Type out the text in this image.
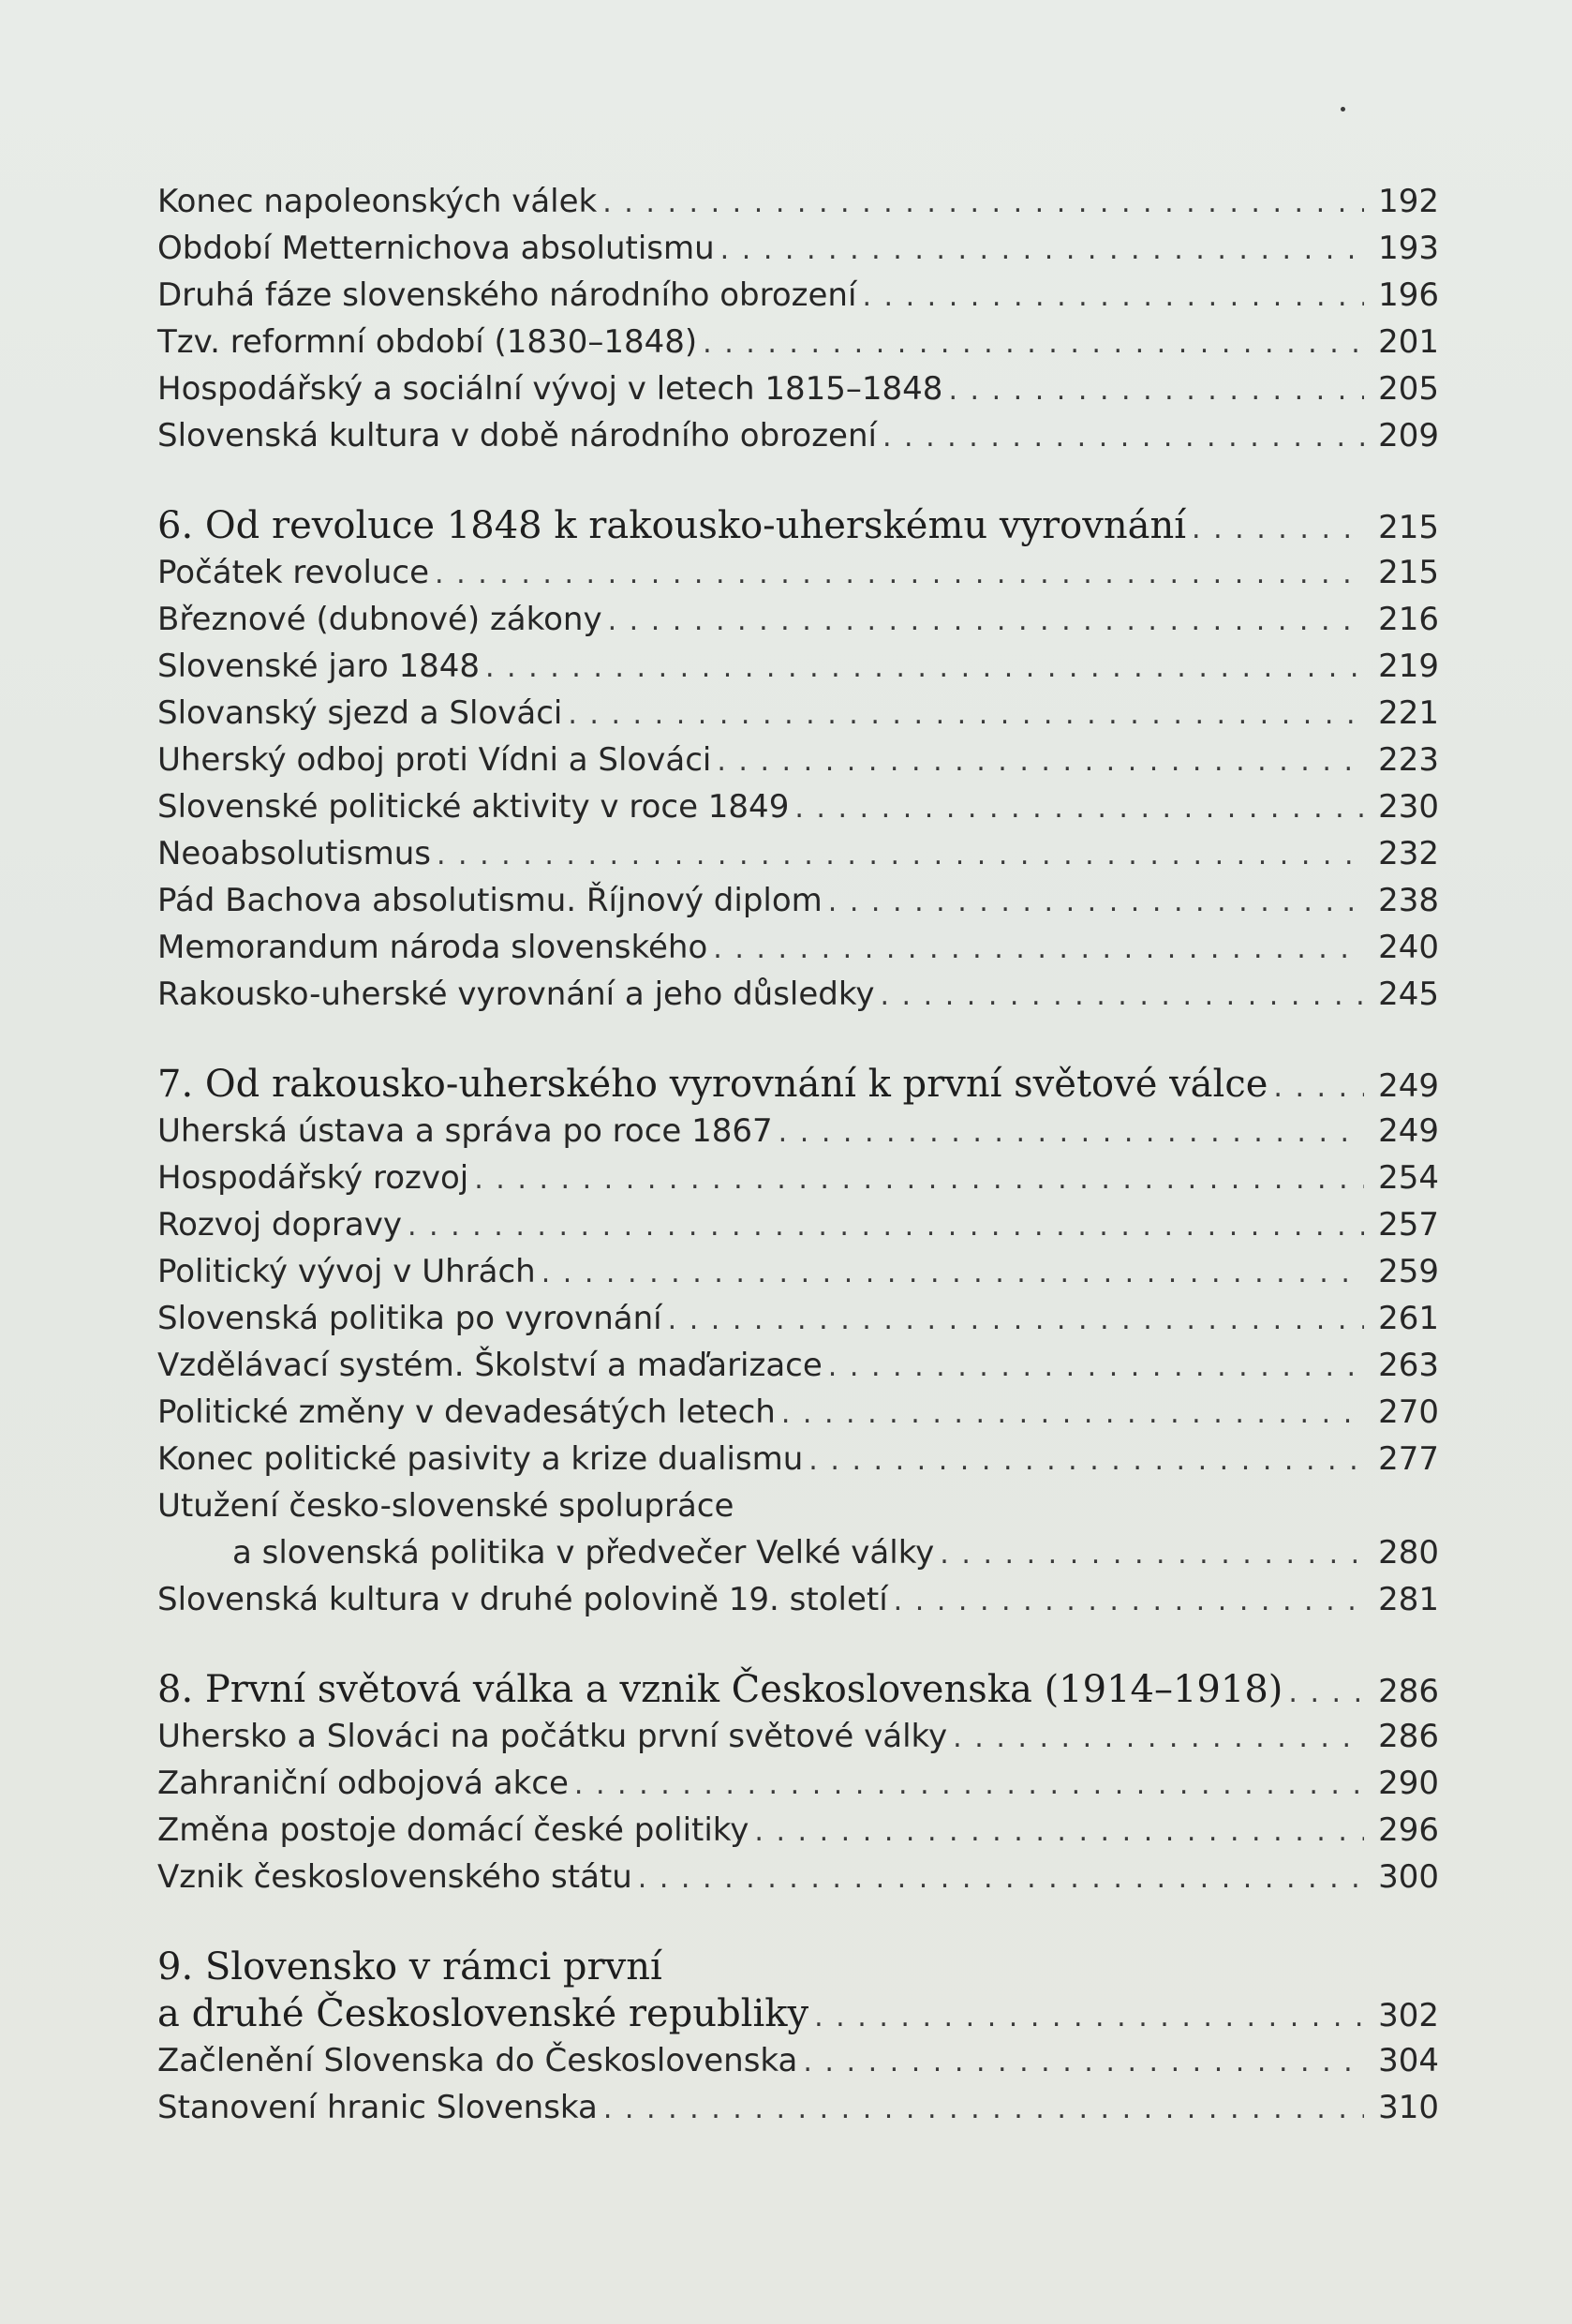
Konec napoleonských válek . . .	192
Období Metternichova absolutismu . . .	193
Druhá fáze slovenského národního obrození . . .	196
Tzv. reformní období (1830–1848) . . .	201
Hospodářský a sociální vývoj v letech 1815–1848 . . .	205
Slovenská kultura v době národního obrození . . .	209
6. Od revoluce 1848 k rakousko-uherskému vyrovnání . . .	215
Počátek revoluce . . .	215
Březnové (dubnové) zákony . . .	216
Slovenské jaro 1848 . . .	219
Slovanský sjezd a Slováci . . .	221
Uherský odboj proti Vídni a Slováci . . .	223
Slovenské politické aktivity v roce 1849 . . .	230
Neoabsolutismus . . .	232
Pád Bachova absolutismu. Říjnový diplom . . .	238
Memorandum národa slovenského . . .	240
Rakousko-uherské vyrovnání a jeho důsledky . . .	245
7. Od rakousko-uherského vyrovnání k první světové válce . . .	249
Uherská ústava a správa po roce 1867 . . .	249
Hospodářský rozvoj . . .	254
Rozvoj dopravy . . .	257
Politický vývoj v Uhrách . . .	259
Slovenská politika po vyrovnání . . .	261
Vzdělávací systém. Školství a maďarizace . . .	263
Politické změny v devadesátých letech . . .	270
Konec politické pasivity a krize dualismu . . .	277
Utužení česko-slovenské spolupráce
a slovenská politika v předvečer Velké války . . .	280
Slovenská kultura v druhé polovině 19. století . . .	281
8. První světová válka a vznik Československa (1914–1918) . . .	286
Uhersko a Slováci na počátku první světové války . . .	286
Zahraniční odbojová akce . . .	290
Změna postoje domácí české politiky . . .	296
Vznik československého státu . . .	300
9. Slovensko v rámci první
a druhé Československé republiky . . .	302
Začlenění Slovenska do Československa . . .	304
Stanovení hranic Slovenska . . .	310
